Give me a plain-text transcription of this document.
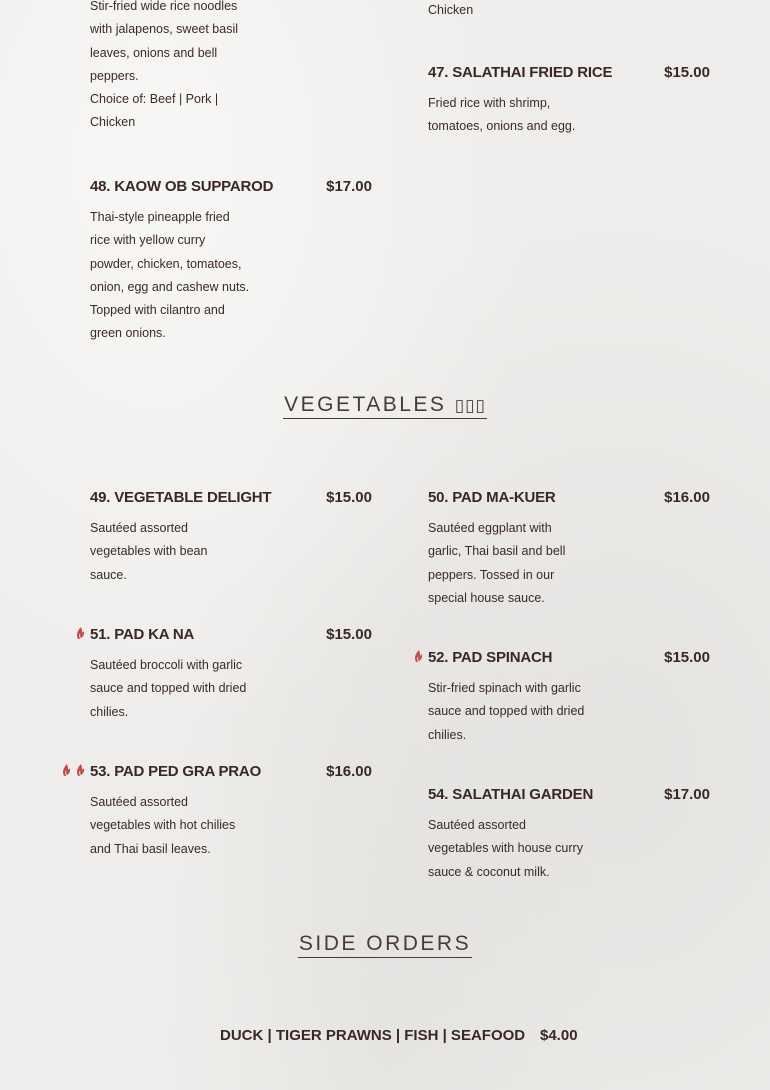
Stir-fried wide rice noodles with jalapenos, sweet basil leaves, onions and bell peppers.
Choice of: Beef | Pork | Chicken
Chicken
47. SALATHAI FRIED RICE	$15.00
Fried rice with shrimp, tomatoes, onions and egg.
48. KAOW OB SUPPAROD	$17.00
Thai-style pineapple fried rice with yellow curry powder, chicken, tomatoes, onion, egg and cashew nuts. Topped with cilantro and green onions.
VEGETABLES ▯▯▯
49. VEGETABLE DELIGHT	$15.00
Sautéed assorted vegetables with bean sauce.
50. PAD MA-KUER	$16.00
Sautéed eggplant with garlic, Thai basil and bell peppers. Tossed in our special house sauce.
51. PAD KA NA	$15.00
Sautéed broccoli with garlic sauce and topped with dried chilies.
52. PAD SPINACH	$15.00
Stir-fried spinach with garlic sauce and topped with dried chilies.
53. PAD PED GRA PRAO	$16.00
Sautéed assorted vegetables with hot chilies and Thai basil leaves.
54. SALATHAI GARDEN	$17.00
Sautéed assorted vegetables with house curry sauce & coconut milk.
SIDE ORDERS
DUCK | TIGER PRAWNS | FISH | SEAFOOD $4.00
